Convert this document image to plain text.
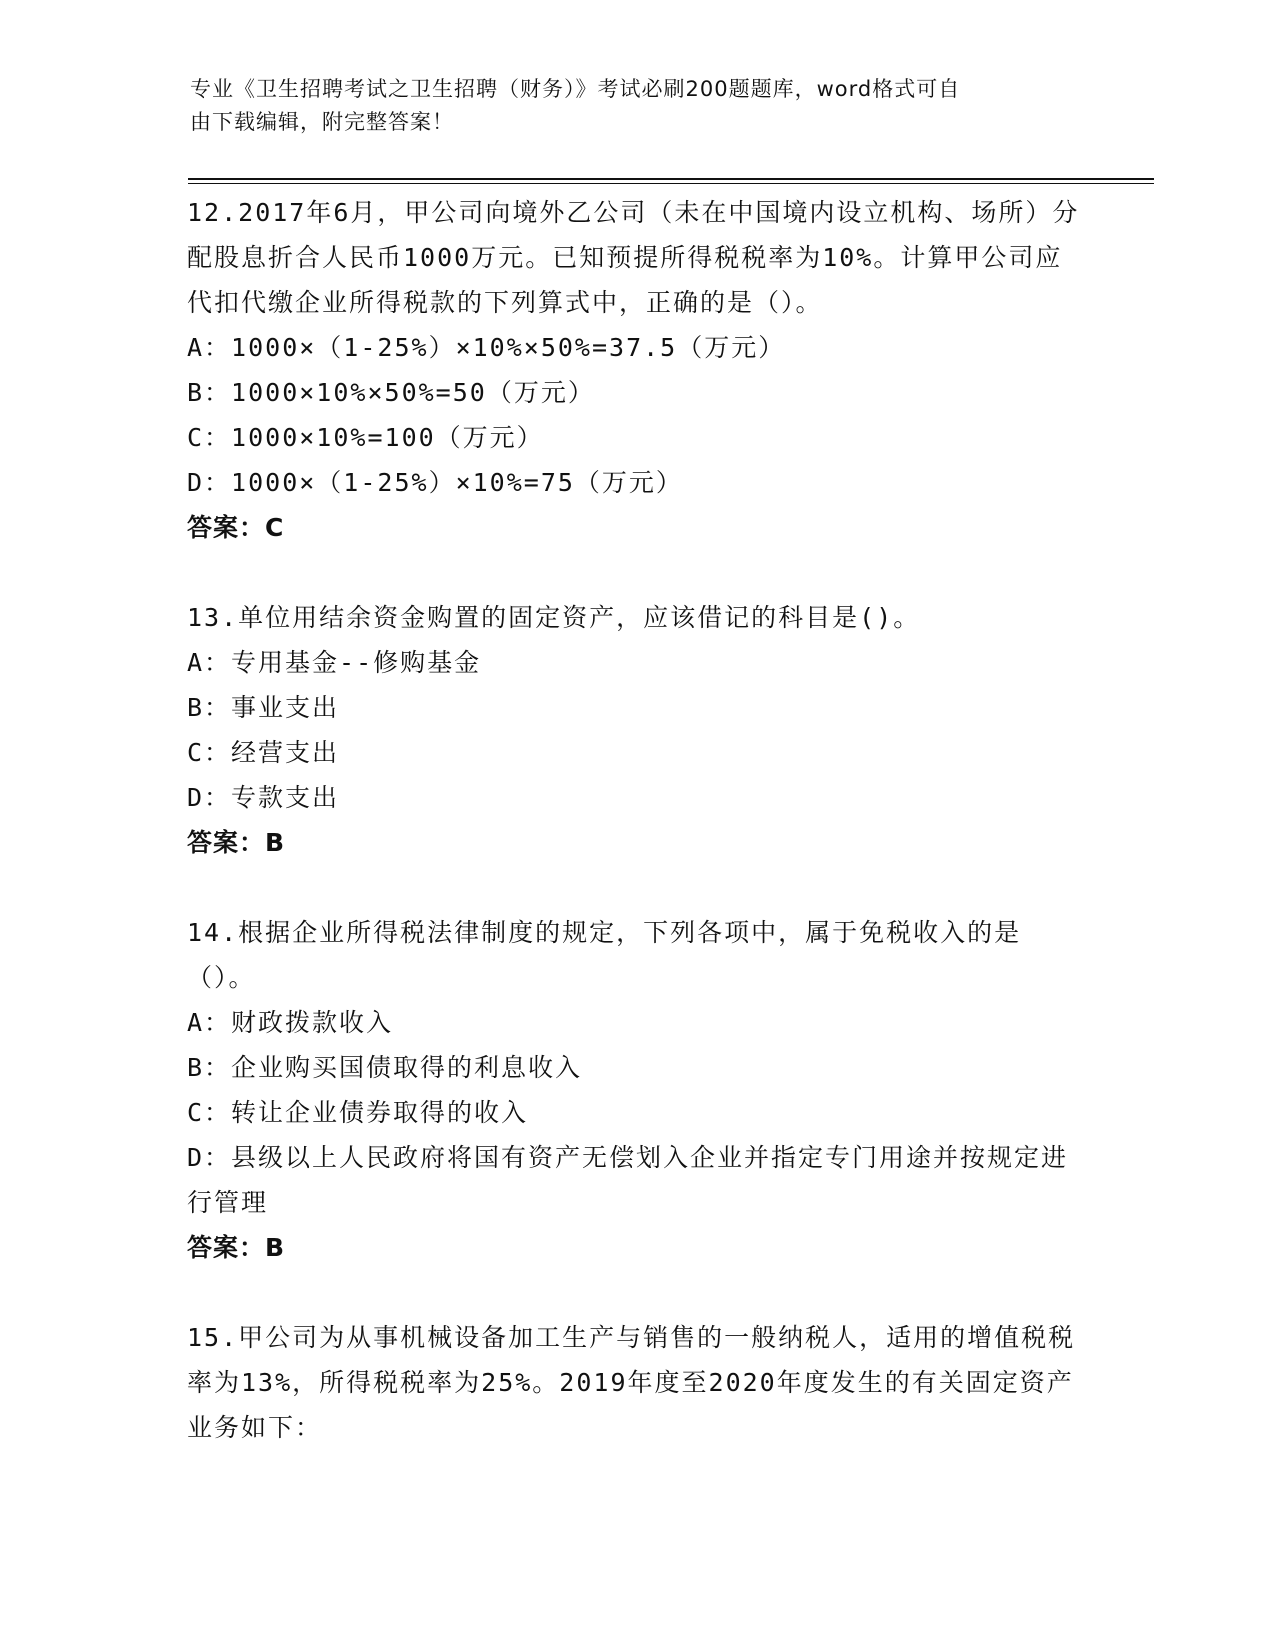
专业《卫生招聘考试之卫生招聘（财务）》考试必刷200题题库，word格式可自
由下载编辑，附完整答案！
12.2017年6月，甲公司向境外乙公司（未在中国境内设立机构、场所）分配股息折合人民币1000万元。已知预提所得税税率为10%。计算甲公司应代扣代缴企业所得税款的下列算式中，正确的是（）。
A：1000×（1-25%）×10%×50%=37.5（万元）
B：1000×10%×50%=50（万元）
C：1000×10%=100（万元）
D：1000×（1-25%）×10%=75（万元）
答案：C
13.单位用结余资金购置的固定资产，应该借记的科目是()。
A：专用基金--修购基金
B：事业支出
C：经营支出
D：专款支出
答案：B
14.根据企业所得税法律制度的规定，下列各项中，属于免税收入的是（）。
A：财政拨款收入
B：企业购买国债取得的利息收入
C：转让企业债券取得的收入
D：县级以上人民政府将国有资产无偿划入企业并指定专门用途并按规定进行管理
答案：B
15.甲公司为从事机械设备加工生产与销售的一般纳税人，适用的增值税税率为13%，所得税税率为25%。2019年度至2020年度发生的有关固定资产业务如下：
